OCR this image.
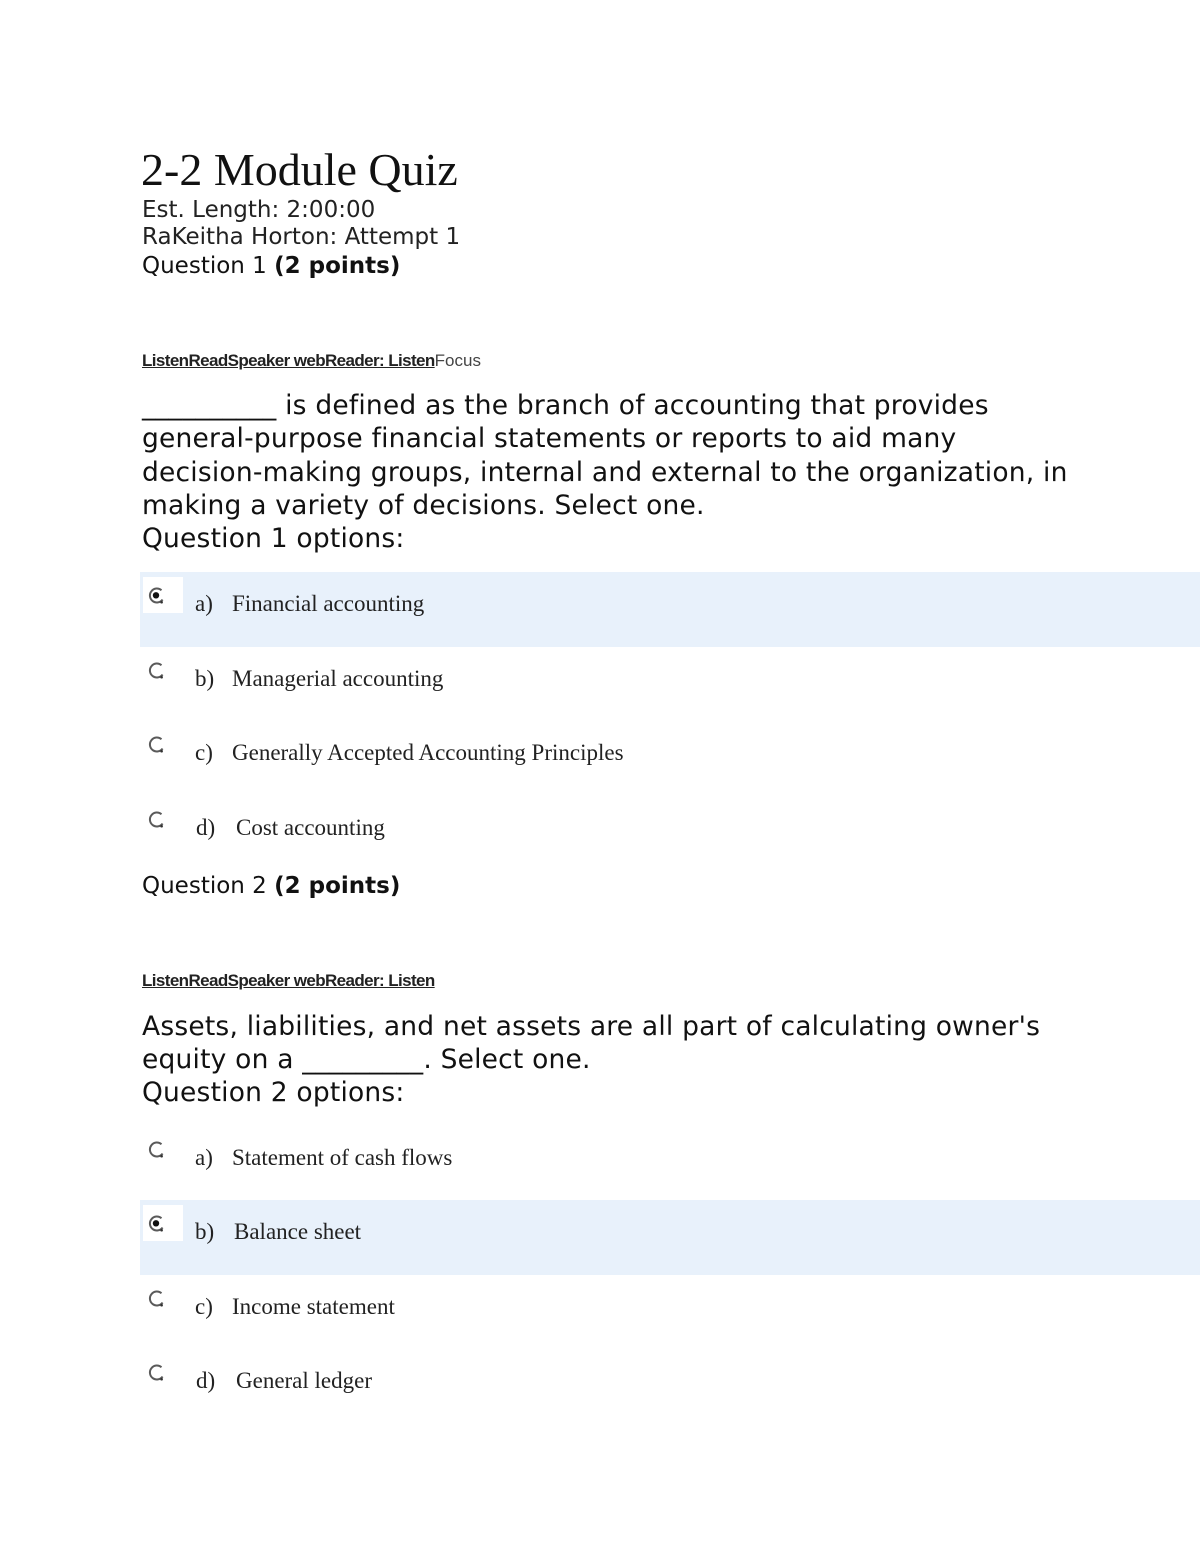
2-2 Module Quiz
Est. Length: 2:00:00
RaKeitha Horton: Attempt 1
Question 1 (2 points)
ListenReadSpeaker webReader: ListenFocus

__________ is defined as the branch of accounting that provides general-purpose financial statements or reports to aid many decision-making groups, internal and external to the organization, in making a variety of decisions. Select one.

Question 1 options:
a) Financial accounting
b) Managerial accounting
c) Generally Accepted Accounting Principles
d) Cost accounting
Question 2 (2 points)
ListenReadSpeaker webReader: Listen

Assets, liabilities, and net assets are all part of calculating owner's equity on a _________. Select one.

Question 2 options:
a) Statement of cash flows
b) Balance sheet
c) Income statement
d) General ledger
